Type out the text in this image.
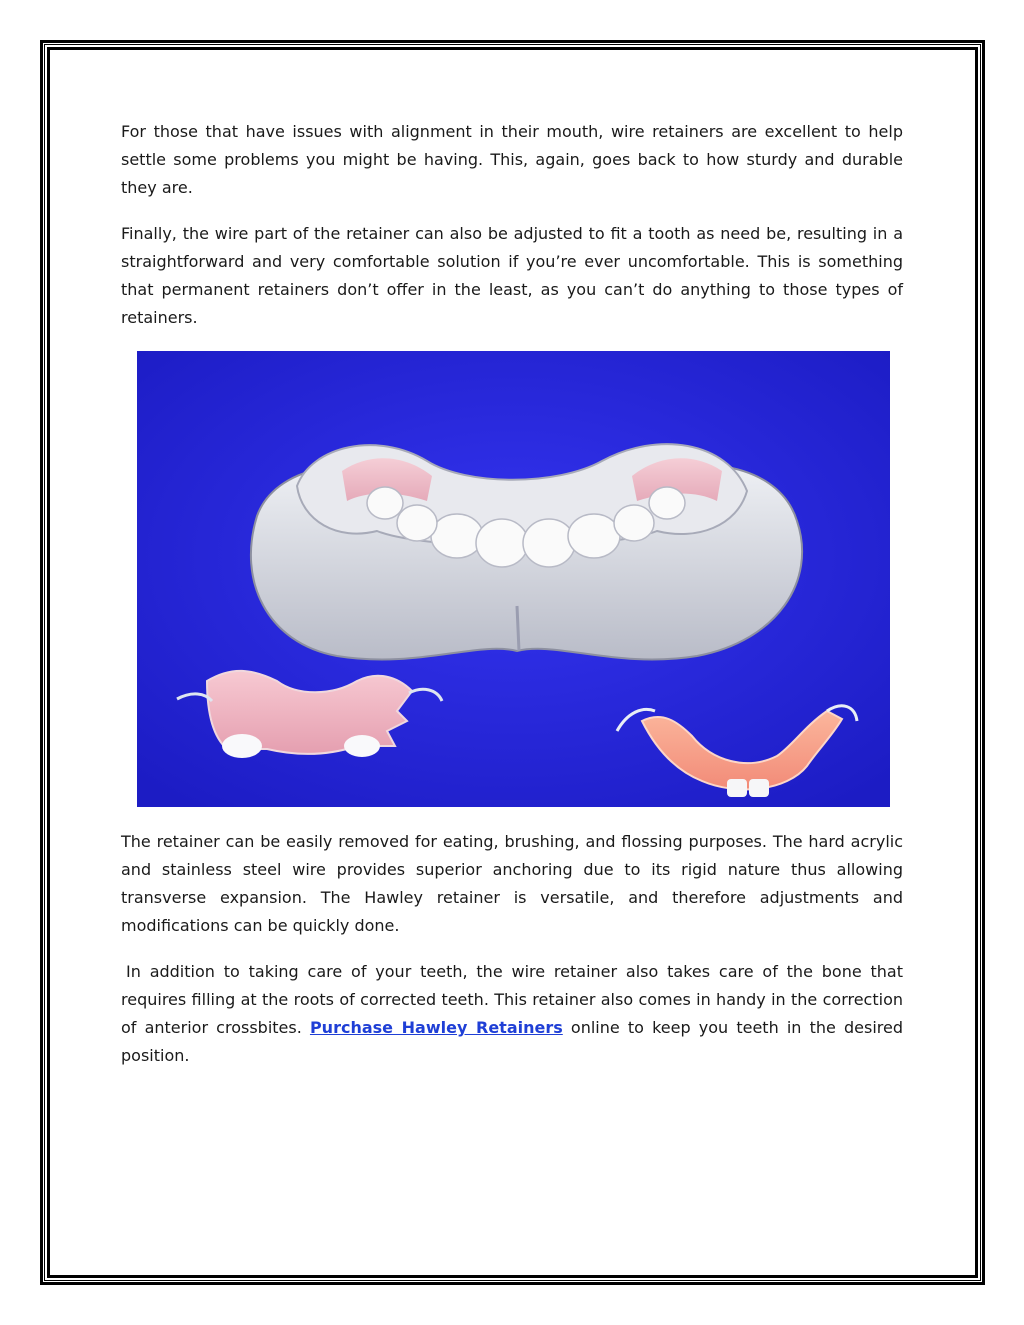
For those that have issues with alignment in their mouth, wire retainers are excellent to help settle some problems you might be having. This, again, goes back to how sturdy and durable they are.

Finally, the wire part of the retainer can also be adjusted to fit a tooth as need be, resulting in a straightforward and very comfortable solution if you’re ever uncomfortable. This is something that permanent retainers don’t offer in the least, as you can’t do anything to those types of retainers.

The retainer can be easily removed for eating, brushing, and flossing purposes. The hard acrylic and stainless steel wire provides superior anchoring due to its rigid nature thus allowing transverse expansion. The Hawley retainer is versatile, and therefore adjustments and modifications can be quickly done.

In addition to taking care of your teeth, the wire retainer also takes care of the bone that requires filling at the roots of corrected teeth. This retainer also comes in handy in the correction of anterior crossbites. Purchase Hawley Retainers online to keep you teeth in the desired position.
